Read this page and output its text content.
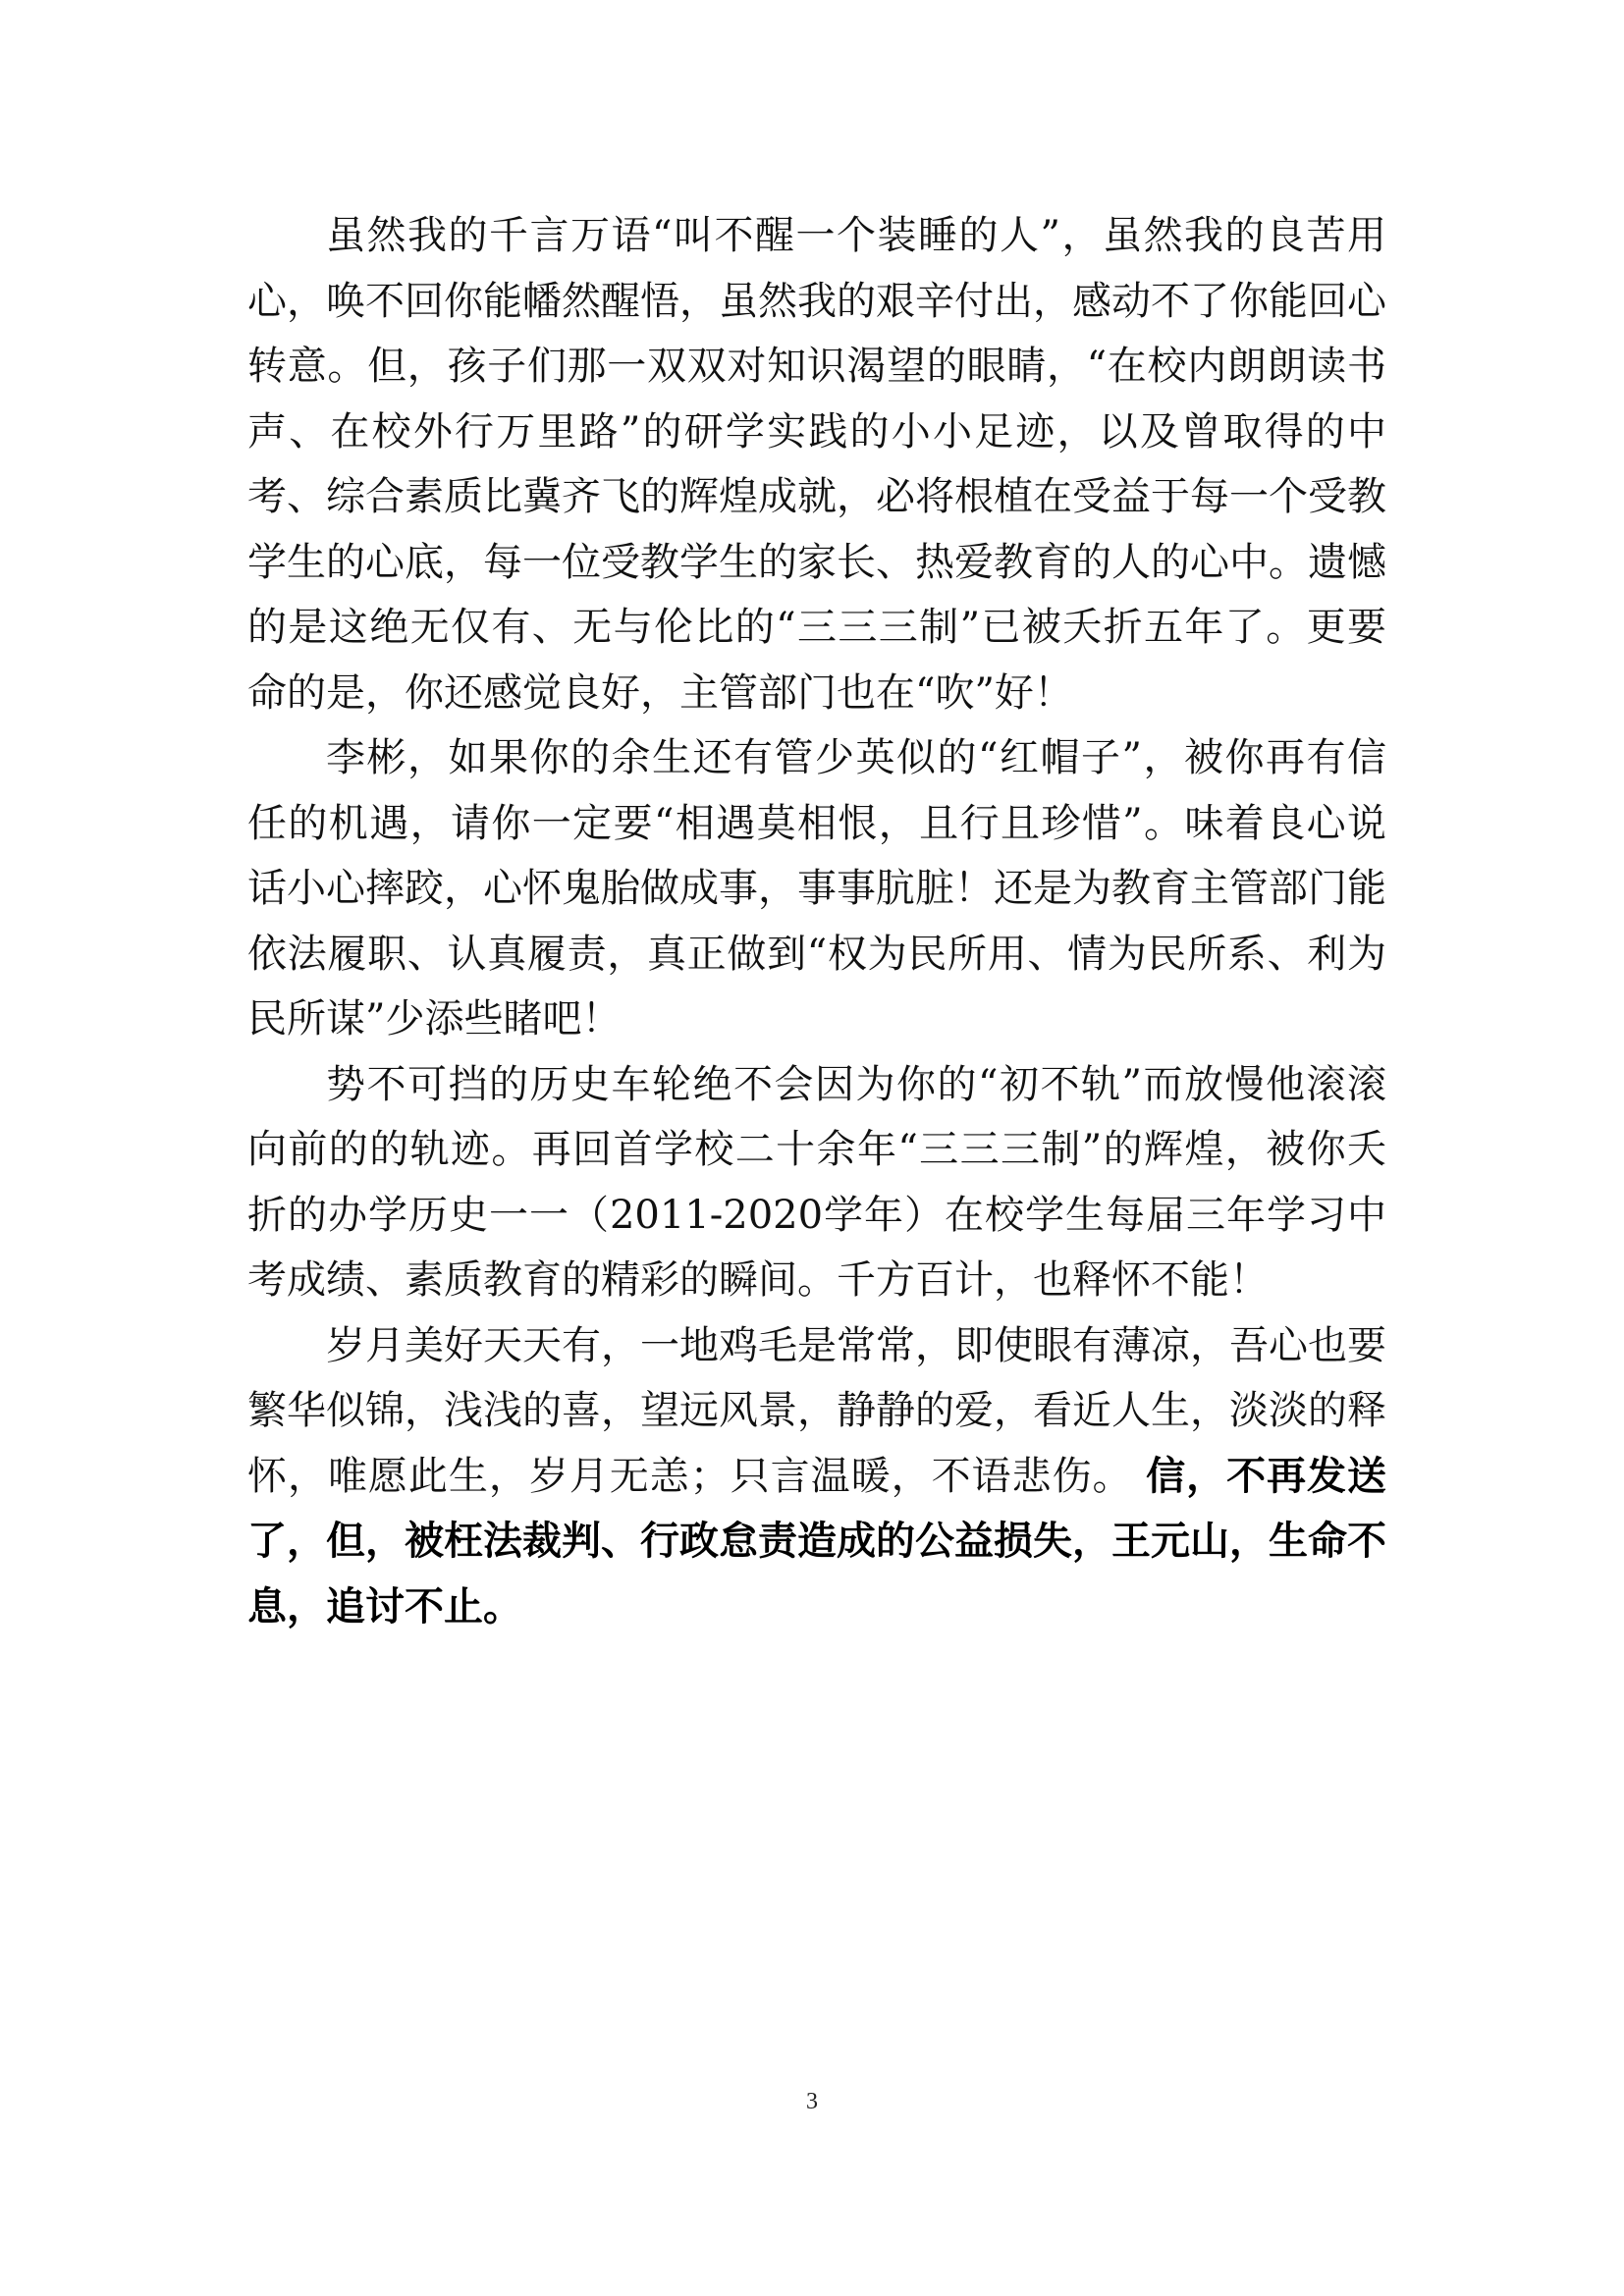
虽然我的千言万语“叫不醒一个装睡的人”，虽然我的良苦用心，唤不回你能幡然醒悟，虽然我的艰辛付出，感动不了你能回心转意。但，孩子们那一双双对知识渴望的眼睛，“在校内朗朗读书声、在校外行万里路”的研学实践的小小足迹，以及曾取得的中考、综合素质比冀齐飞的辉煌成就，必将根植在受益于每一个受教学生的心底，每一位受教学生的家长、热爱教育的人的心中。遗憾的是这绝无仅有、无与伦比的“三三三制”已被夭折五年了。更要命的是，你还感觉良好，主管部门也在“吹”好！

李彬，如果你的余生还有管少英似的“红帽子”，被你再有信任的机遇，请你一定要“相遇莫相恨，且行且珍惜”。味着良心说话小心摔跤，心怀鬼胎做成事，事事肮脏！还是为教育主管部门能依法履职、认真履责，真正做到“权为民所用、情为民所系、利为民所谋”少添些睹吧！

势不可挡的历史车轮绝不会因为你的“初不轨”而放慢他滚滚向前的的轨迹。再回首学校二十余年“三三三制”的辉煌，被你夭折的办学历史一一（2011-2020学年）在校学生每届三年学习中考成绩、素质教育的精彩的瞬间。千方百计，也释怀不能！

岁月美好天天有，一地鸡毛是常常，即使眼有薄凉，吾心也要繁华似锦，浅浅的喜，望远风景，静静的爱，看近人生，淡淡的释怀，唯愿此生，岁月无恙；只言温暖，不语悲伤。 信，不再发送了，但，被枉法裁判、行政怠责造成的公益损失，王元山，生命不息，追讨不止。

3
